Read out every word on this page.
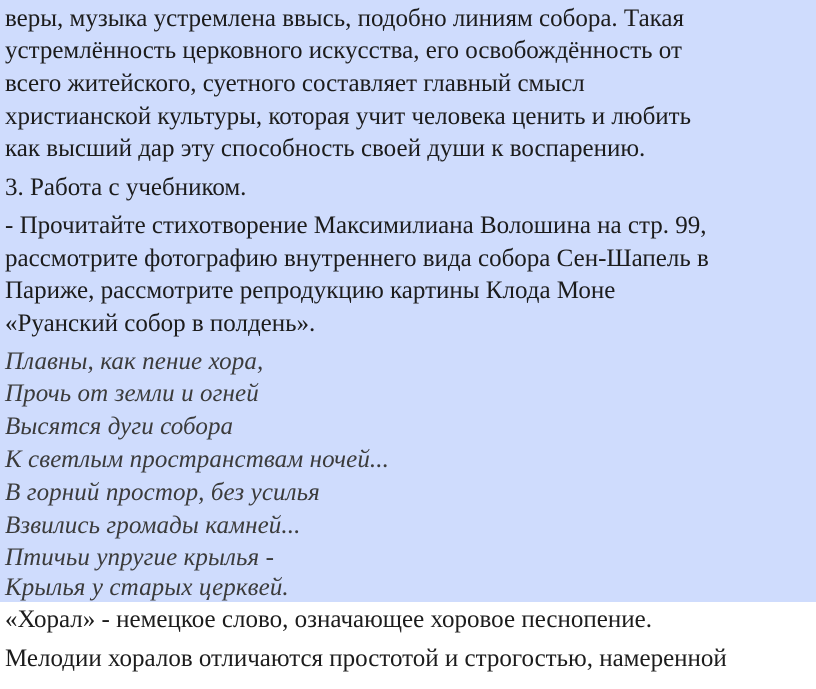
веры, музыка устремлена ввысь, подобно линиям собора. Такая
устремлённость церковного искусства, его освобождённость от
всего житейского, суетного составляет главный смысл
христианской культуры, которая учит человека ценить и любить
как высший дар эту способность своей души к воспарению.
3. Работа с учебником.
- Прочитайте стихотворение Максимилиана Волошина на стр. 99,
рассмотрите фотографию внутреннего вида собора Сен-Шапель в
Париже, рассмотрите репродукцию картины Клода Моне
«Руанский собор в полдень».
Плавны, как пение хора,
Прочь от земли и огней
Высятся дуги собора
К светлым пространствам ночей...
В горний простор, без усилья
Взвились громады камней...
Птичьи упругие крылья -
Крылья у старых церквей.
«Хорал» - немецкое слово, означающее хоровое песнопение.
Мелодии хоралов отличаются простотой и строгостью, намеренной
